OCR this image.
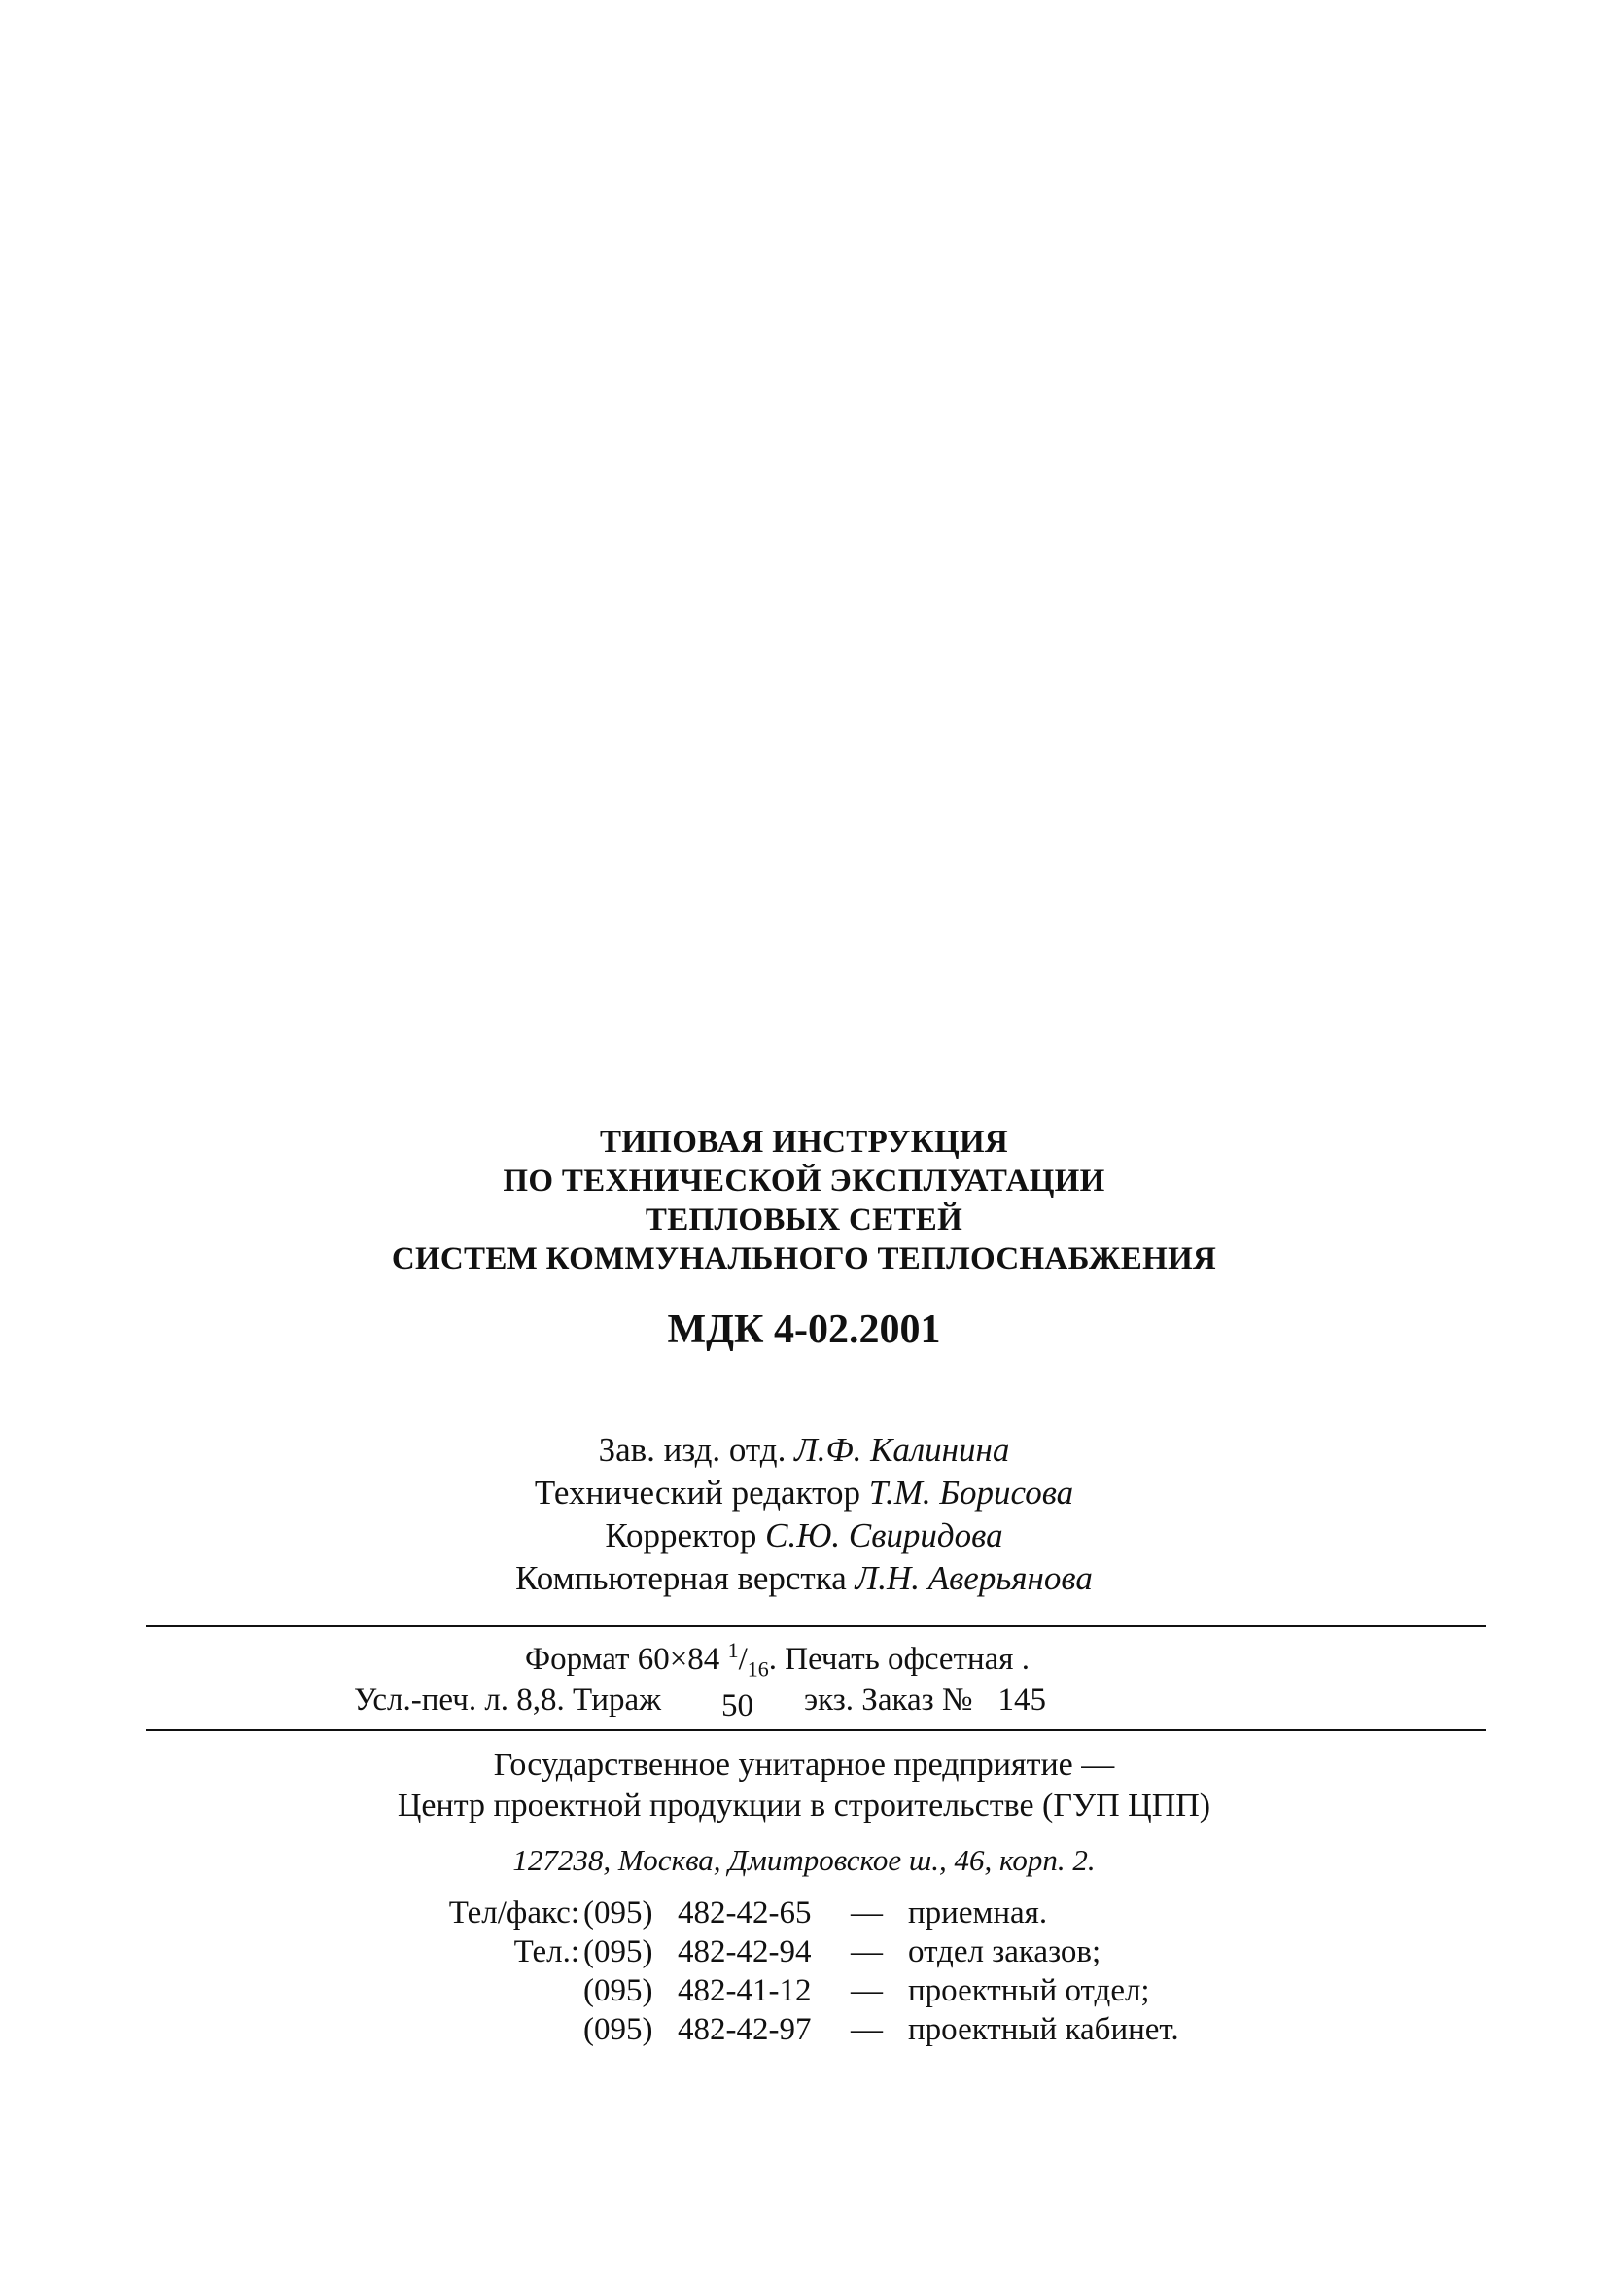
ТИПОВАЯ ИНСТРУКЦИЯ
ПО ТЕХНИЧЕСКОЙ ЭКСПЛУАТАЦИИ
ТЕПЛОВЫХ СЕТЕЙ
СИСТЕМ КОММУНАЛЬНОГО ТЕПЛОСНАБЖЕНИЯ
МДК 4-02.2001
Зав. изд. отд. Л.Ф. Калинина
Технический редактор Т.М. Борисова
Корректор С.Ю. Свиридова
Компьютерная верстка Л.Н. Аверьянова
Формат 60×84 $^1/_{16}$. Печать офсетная .
Усл.-печ. л. 8,8. Тираж 50 экз. Заказ № 145
Государственное унитарное предприятие —
Центр проектной продукции в строительстве (ГУП ЦПП)
127238, Москва, Дмитровское ш., 46, корп. 2.
Тел/факс: (095) 482-42-65 — приемная.
Тел.: (095) 482-42-94 — отдел заказов;
(095) 482-41-12 — проектный отдел;
(095) 482-42-97 — проектный кабинет.
